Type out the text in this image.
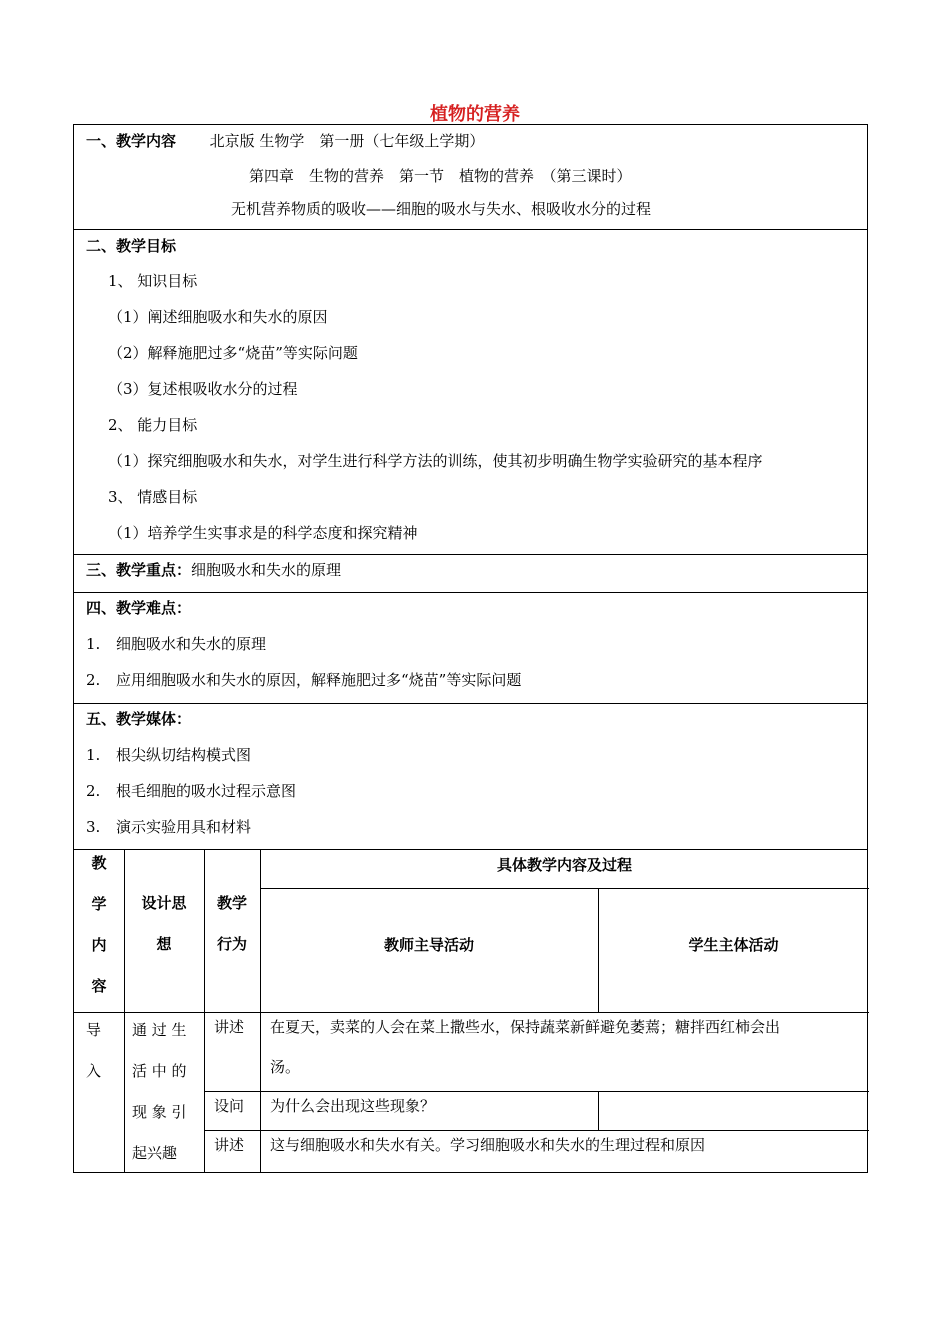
植物的营养
一、教学内容 北京版 生物学　第一册（七年级上学期）
第四章　生物的营养　第一节　植物的营养　（第三课时）
无机营养物质的吸收——细胞的吸水与失水、根吸收水分的过程
二、教学目标
1、 知识目标
（1）阐述细胞吸水和失水的原因
（2）解释施肥过多“烧苗”等实际问题
（3）复述根吸收水分的过程
2、 能力目标
（1）探究细胞吸水和失水，对学生进行科学方法的训练，使其初步明确生物学实验研究的基本程序
3、 情感目标
（1）培养学生实事求是的科学态度和探究精神
三、教学重点：细胞吸水和失水的原理
四、教学难点：
1. 细胞吸水和失水的原理
2. 应用细胞吸水和失水的原因，解释施肥过多“烧苗”等实际问题
五、教学媒体：
1. 根尖纵切结构模式图
2. 根毛细胞的吸水过程示意图
3. 演示实验用具和材料
教
学
内
容
设计思
想
教学
行为
具体教学内容及过程
教师主导活动	学生主体活动
导
入
通 过 生
活 中 的
现 象 引
起兴趣
讲述 在夏天，卖菜的人会在菜上撒些水，保持蔬菜新鲜避免萎蔫；糖拌西红柿会出
汤。
设问 为什么会出现这些现象？
讲述 这与细胞吸水和失水有关。学习细胞吸水和失水的生理过程和原因
